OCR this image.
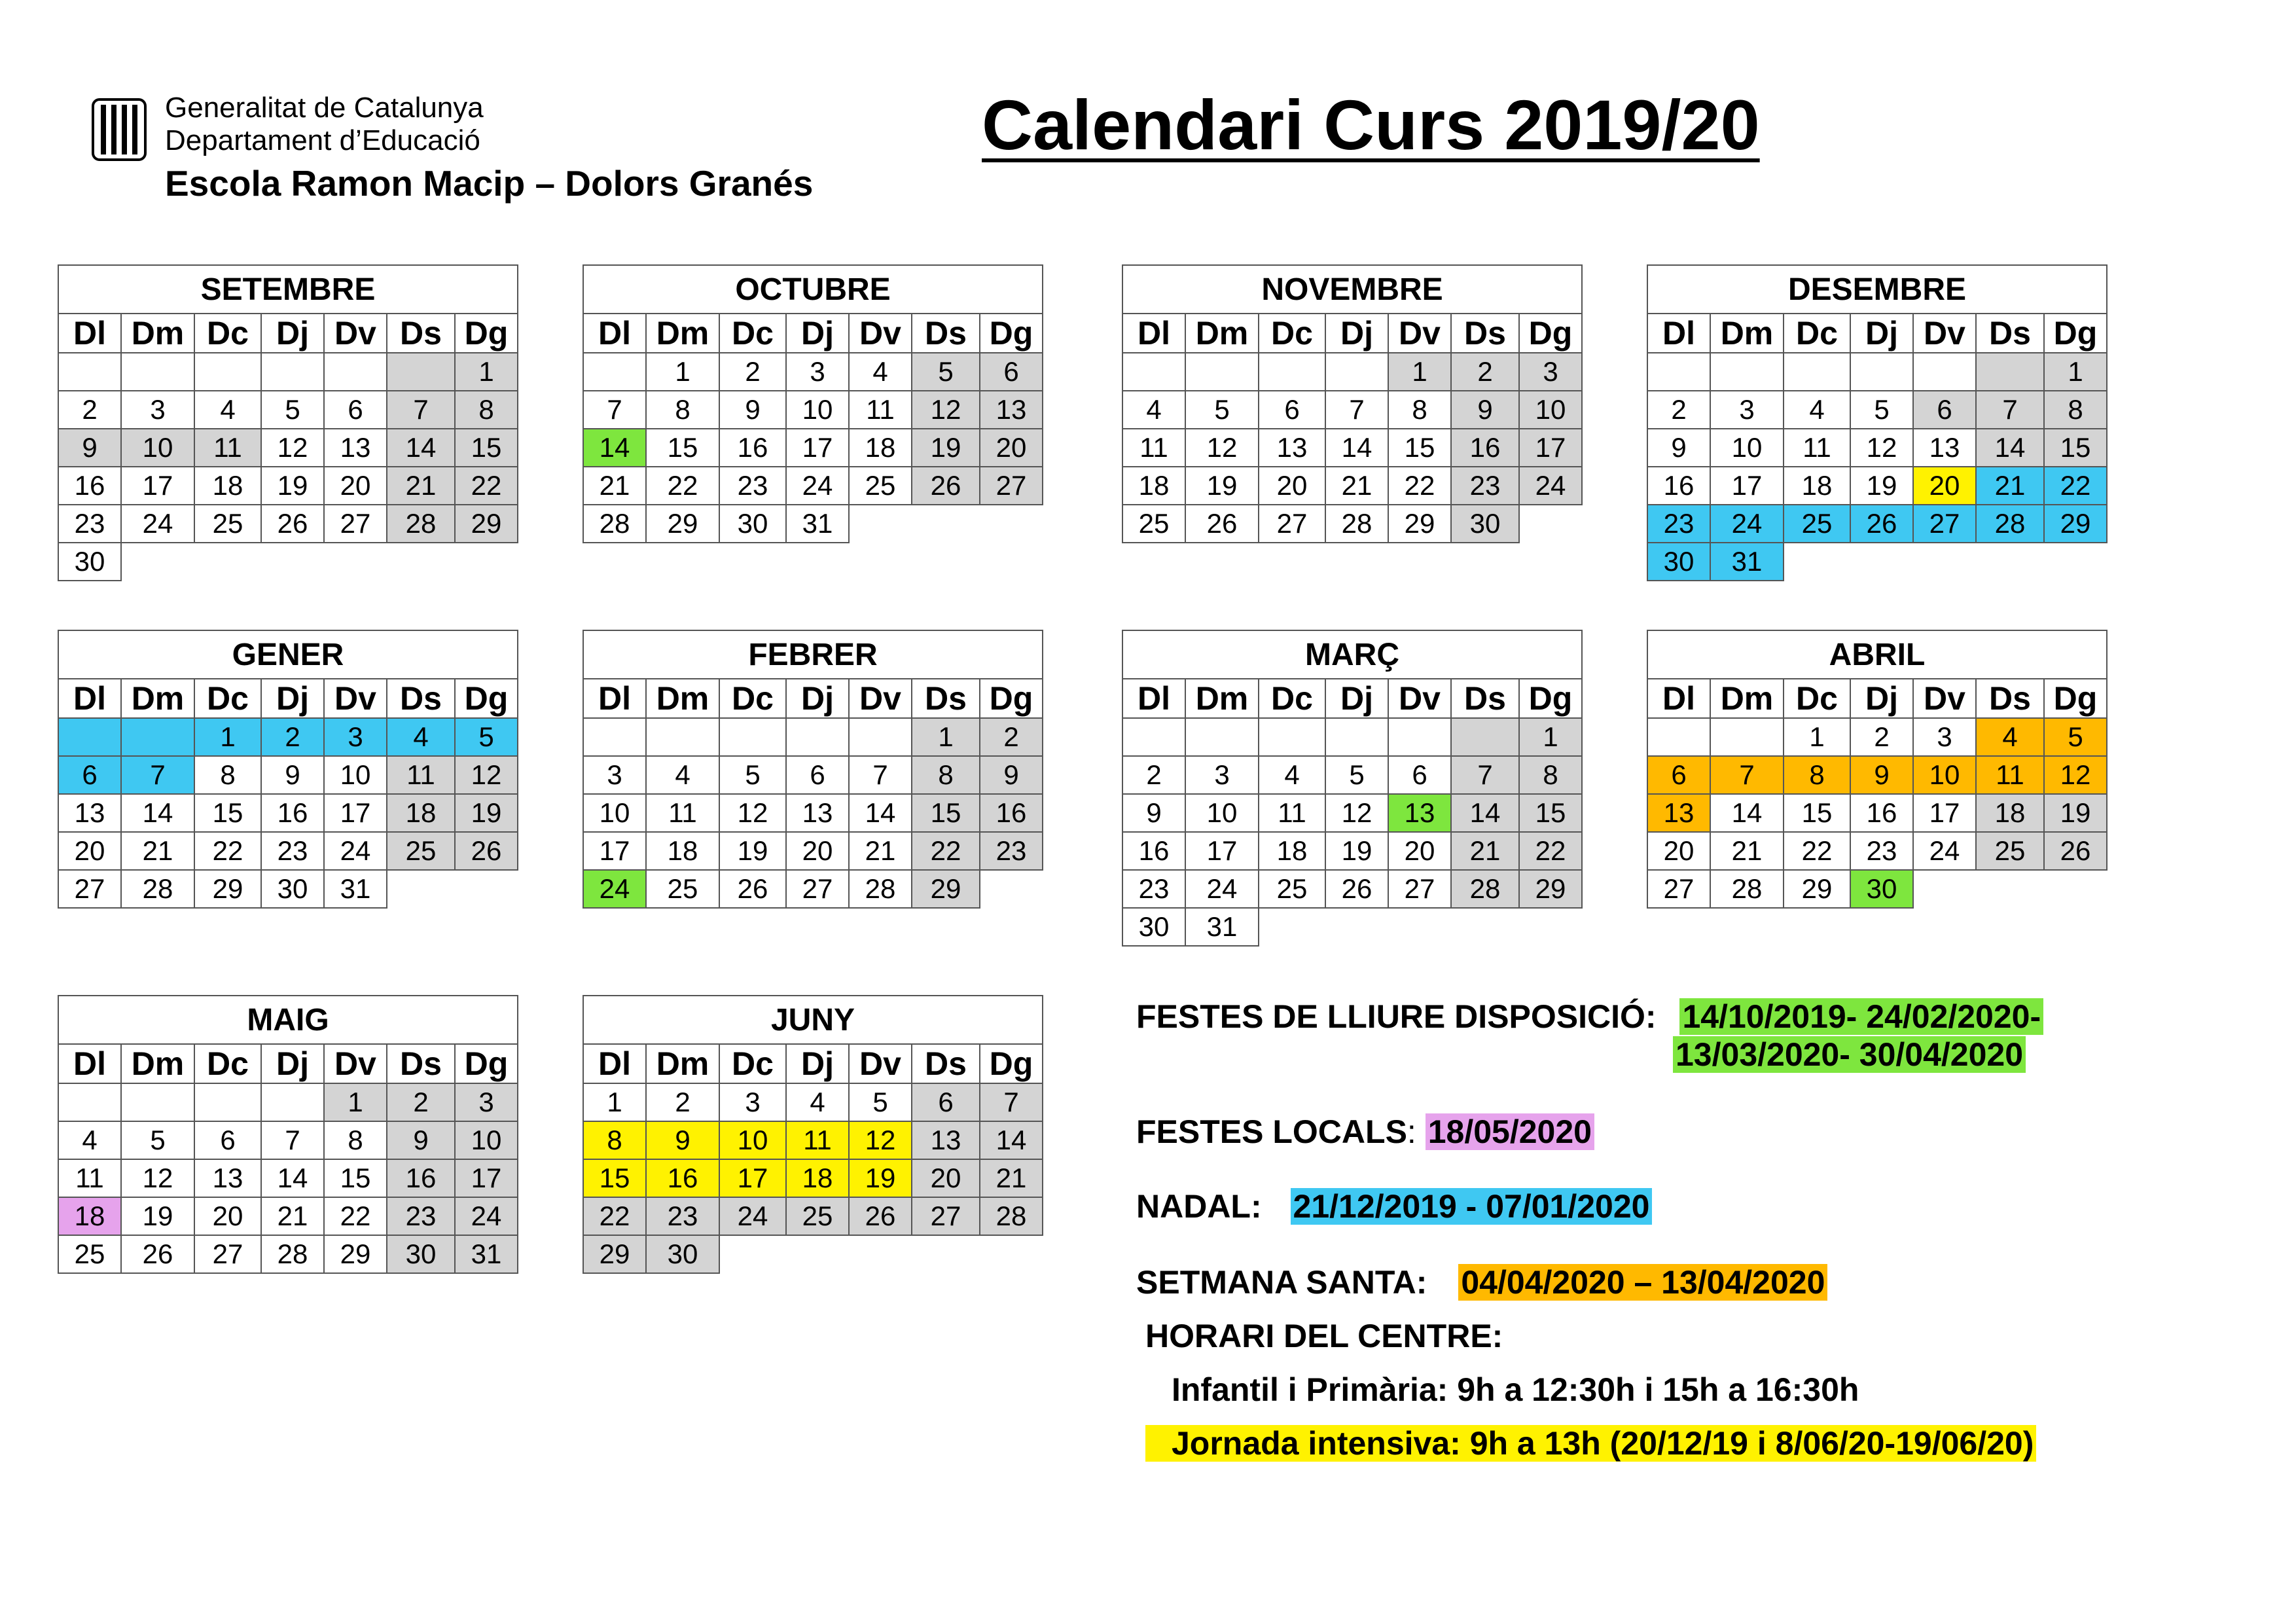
Generalitat de Catalunya
Departament d’Educació
Escola Ramon Macip – Dolors Granés
Calendari Curs 2019/20
SETEMBRE						
Dl	Dm	Dc	Dj	Dv	Ds	Dg
						1
2	3	4	5	6	7	8
9	10	11	12	13	14	15
16	17	18	19	20	21	22
23	24	25	26	27	28	29
30						
OCTUBRE						
Dl	Dm	Dc	Dj	Dv	Ds	Dg
	1	2	3	4	5	6
7	8	9	10	11	12	13
14	15	16	17	18	19	20
21	22	23	24	25	26	27
28	29	30	31			
NOVEMBRE						
Dl	Dm	Dc	Dj	Dv	Ds	Dg
				1	2	3
4	5	6	7	8	9	10
11	12	13	14	15	16	17
18	19	20	21	22	23	24
25	26	27	28	29	30	
DESEMBRE						
Dl	Dm	Dc	Dj	Dv	Ds	Dg
						1
2	3	4	5	6	7	8
9	10	11	12	13	14	15
16	17	18	19	20	21	22
23	24	25	26	27	28	29
30	31					
GENER						
Dl	Dm	Dc	Dj	Dv	Ds	Dg
		1	2	3	4	5
6	7	8	9	10	11	12
13	14	15	16	17	18	19
20	21	22	23	24	25	26
27	28	29	30	31		
FEBRER						
Dl	Dm	Dc	Dj	Dv	Ds	Dg
					1	2
3	4	5	6	7	8	9
10	11	12	13	14	15	16
17	18	19	20	21	22	23
24	25	26	27	28	29	
MARÇ						
Dl	Dm	Dc	Dj	Dv	Ds	Dg
						1
2	3	4	5	6	7	8
9	10	11	12	13	14	15
16	17	18	19	20	21	22
23	24	25	26	27	28	29
30	31					
ABRIL						
Dl	Dm	Dc	Dj	Dv	Ds	Dg
		1	2	3	4	5
6	7	8	9	10	11	12
13	14	15	16	17	18	19
20	21	22	23	24	25	26
27	28	29	30			
MAIG						
Dl	Dm	Dc	Dj	Dv	Ds	Dg
				1	2	3
4	5	6	7	8	9	10
11	12	13	14	15	16	17
18	19	20	21	22	23	24
25	26	27	28	29	30	31
JUNY						
Dl	Dm	Dc	Dj	Dv	Ds	Dg
1	2	3	4	5	6	7
8	9	10	11	12	13	14
15	16	17	18	19	20	21
22	23	24	25	26	27	28
29	30					
FESTES DE LLIURE DISPOSICIÓ: 14/10/2019- 24/02/2020-
13/03/2020- 30/04/2020
FESTES LOCALS: 18/05/2020
NADAL: 21/12/2019 - 07/01/2020
SETMANA SANTA: 04/04/2020 – 13/04/2020
HORARI DEL CENTRE:
Infantil i Primària: 9h a 12:30h i 15h a 16:30h
Jornada intensiva: 9h a 13h (20/12/19 i 8/06/20-19/06/20)
